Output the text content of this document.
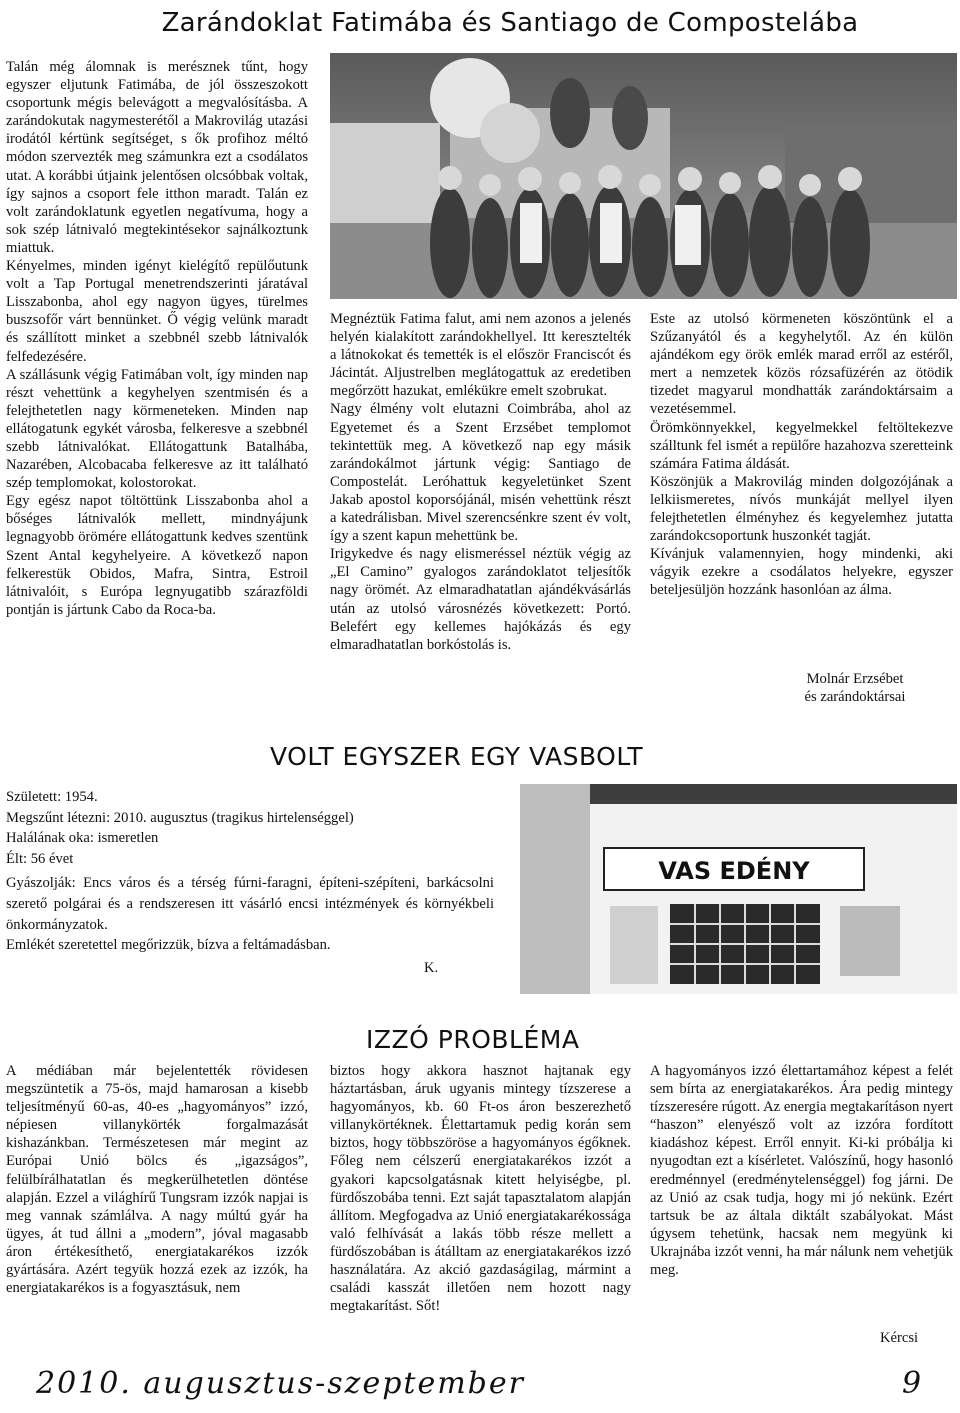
Zarándoklat Fatimába és Santiago de Compostelába

Talán még álomnak is merésznek tűnt, hogy egyszer eljutunk Fatimába, de jól összeszokott csoportunk mégis belevágott a megvalósításba. A zarándokutak nagymesterétől a Makrovilág utazási irodától kértünk segítséget, s ők profihoz méltó módon szervezték meg számunkra ezt a csodálatos utat. A korábbi útjaink jelentősen olcsóbbak voltak, így sajnos a csoport fele itthon maradt. Talán ez volt zarándoklatunk egyetlen negatívuma, hogy a sok szép látnivaló megtekintésekor sajnálkoztunk miattuk.

Kényelmes, minden igényt kielégítő repülőutunk volt a Tap Portugal menetrendszerinti járatával Lisszabonba, ahol egy nagyon ügyes, türelmes buszsofőr várt bennünket. Ő végig velünk maradt és szállított minket a szebbnél szebb látnivalók felfedezésére.

A szállásunk végig Fatimában volt, így minden nap részt vehettünk a kegyhelyen szentmisén és a felejthetetlen nagy körmeneteken. Minden nap ellátogatunk egykét városba, felkeresve a szebbnél szebb látnivalókat. Ellátogattunk Batalhába, Nazarében, Alcobacaba felkeresve az itt található szép templomokat, kolostorokat.

Egy egész napot töltöttünk Lisszabonba ahol a bőséges látnivalók mellett, mindnyájunk legnagyobb örömére ellátogattunk kedves szentünk Szent Antal kegyhelyeire. A következő napon felkerestük Obidos, Mafra, Sintra, Estroil látnivalóit, s Európa legnyugatibb szárazföldi pontján is jártunk Cabo da Roca-ba.

Megnéztük Fatima falut, ami nem azonos a jelenés helyén kialakított zarándokhellyel. Itt keresztelték a látnokokat és temették is el először Franciscót és Jácintát. Aljustrelben meglátogattuk az eredetiben megőrzött hazukat, emlékükre emelt szobrukat.

Nagy élmény volt elutazni Coimbrába, ahol az Egyetemet és a Szent Erzsébet templomot tekintettük meg. A következő nap egy másik zarándokálmot jártunk végig: Santiago de Compostelát. Leróhattuk kegyeletünket Szent Jakab apostol koporsójánál, misén vehettünk részt a katedrálisban. Mivel szerencsénkre szent év volt, így a szent kapun mehettünk be.

Irigykedve és nagy elismeréssel néztük végig az „El Camino” gyalogos zarándoklatot teljesítők nagy örömét. Az elmaradhatatlan ajándékvásárlás után az utolsó városnézés következett: Portó. Belefért egy kellemes hajókázás és egy elmaradhatatlan borkóstolás is.

Este az utolsó körmeneten köszöntünk el a Szűzanyától és a kegyhelytől. Az én külön ajándékom egy örök emlék marad erről az estéről, mert a nemzetek közös rózsafüzérén az ötödik tizedet magyarul mondhatták zarándoktársaim a vezetésemmel.

Örömkönnyekkel, kegyelmekkel feltöltekezve szálltunk fel ismét a repülőre hazahozva szeretteink számára Fatima áldását.

Köszönjük a Makrovilág minden dolgozójának a lelkiismeretes, nívós munkáját mellyel ilyen felejthetetlen élményhez és kegyelemhez jutatta zarándokcsoportunk huszonkét tagját.

Kívánjuk valamennyien, hogy mindenki, aki vágyik ezekre a csodálatos helyekre, egyszer beteljesüljön hozzánk hasonlóan az álma.

Molnár Erzsébet
és zarándoktársai
VOLT EGYSZER EGY VASBOLT
Született: 1954.
Megszűnt létezni: 2010. augusztus (tragikus hirtelenséggel)
Halálának oka: ismeretlen
Élt: 56 évet
Gyászolják: Encs város és a térség fúrni-faragni, építeni-szépíteni, barkácsolni szerető polgárai és a rendszeresen itt vásárló encsi intézmények és környékbeli önkormányzatok.
Emlékét szeretettel megőrizzük, bízva a feltámadásban.
K.
VAS EDÉNY
IZZÓ PROBLÉMA

A médiában már bejelentették rövidesen megszüntetik a 75-ös, majd hamarosan a kisebb teljesítményű 60-as, 40-es „hagyományos” izzó, népiesen villanykörték forgalmazását kishazánkban. Természetesen már megint az Európai Unió bölcs és „igazságos”, felülbírálhatatlan és megkerülhetetlen döntése alapján. Ezzel a világhírű Tungsram izzók napjai is meg vannak számlálva. A nagy múltú gyár ha ügyes, át tud állni a „modern”, jóval magasabb áron értékesíthető, energiatakarékos izzók gyártására. Azért tegyük hozzá ezek az izzók, ha energiatakarékos is a fogyasztásuk, nem

biztos hogy akkora hasznot hajtanak egy háztartásban, áruk ugyanis mintegy tízszerese a hagyományos, kb. 60 Ft-os áron beszerezhető villanykörtéknek. Élettartamuk pedig korán sem biztos, hogy többszöröse a hagyományos égőknek. Főleg nem célszerű energiatakarékos izzót a gyakori kapcsolgatásnak kitett helyiségbe, pl. fürdőszobába tenni. Ezt saját tapasztalatom alapján állítom. Megfogadva az Unió energiatakarékossága való felhívását a lakás több része mellett a fürdőszobában is átálltam az energiatakarékos izzó használatára. Az akció gazdaságilag, mármint a családi kasszát illetően nem hozott nagy megtakarítást. Sőt!

A hagyományos izzó élettartamához képest a felét sem bírta az energiatakarékos. Ára pedig mintegy tízszeresére rúgott. Az energia megtakarításon nyert “haszon” elenyésző volt az izzóra fordított kiadáshoz képest. Erről ennyit. Ki-ki próbálja ki nyugodtan ezt a kísérletet. Valószínű, hogy hasonló eredménnyel (eredménytelenséggel) fog járni. De az Unió az csak tudja, hogy mi jó nekünk. Ezért tartsuk be az általa diktált szabályokat. Mást úgysem tehetünk, hacsak nem megyünk ki Ukrajnába izzót venni, ha már nálunk nem vehetjük meg.

Kércsi
2010. augusztus-szeptember	9
